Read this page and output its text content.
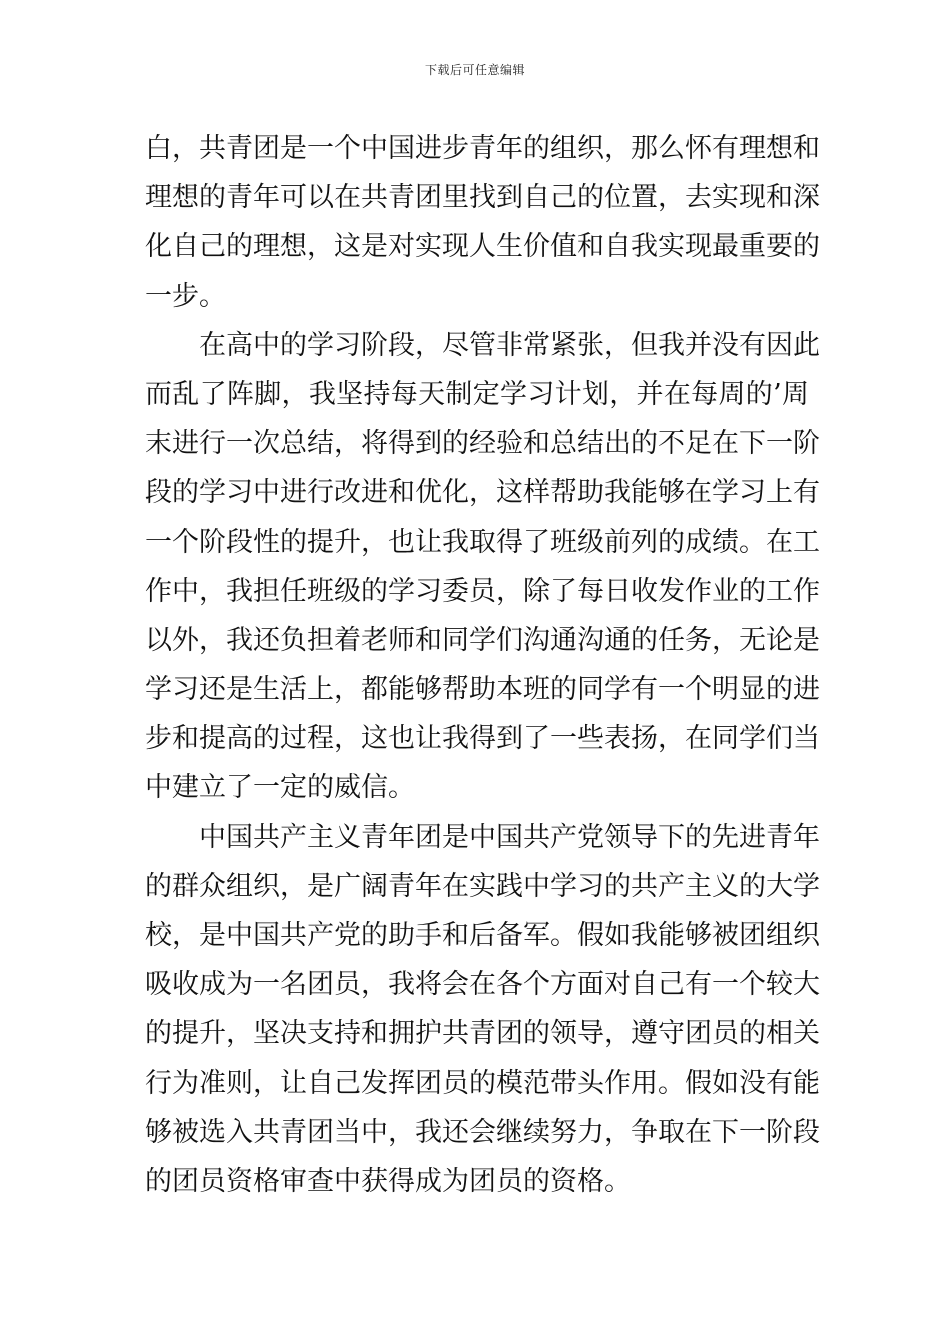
下载后可任意编辑
白，共青团是一个中国进步青年的组织，那么怀有理想和
理想的青年可以在共青团里找到自己的位置，去实现和深
化自己的理想，这是对实现人生价值和自我实现最重要的
一步。
在高中的学习阶段，尽管非常紧张，但我并没有因此
而乱了阵脚，我坚持每天制定学习计划，并在每周的’周
末进行一次总结，将得到的经验和总结出的不足在下一阶
段的学习中进行改进和优化，这样帮助我能够在学习上有
一个阶段性的提升，也让我取得了班级前列的成绩。在工
作中，我担任班级的学习委员，除了每日收发作业的工作
以外，我还负担着老师和同学们沟通沟通的任务，无论是
学习还是生活上，都能够帮助本班的同学有一个明显的进
步和提高的过程，这也让我得到了一些表扬，在同学们当
中建立了一定的威信。
中国共产主义青年团是中国共产党领导下的先进青年
的群众组织，是广阔青年在实践中学习的共产主义的大学
校，是中国共产党的助手和后备军。假如我能够被团组织
吸收成为一名团员，我将会在各个方面对自己有一个较大
的提升，坚决支持和拥护共青团的领导，遵守团员的相关
行为准则，让自己发挥团员的模范带头作用。假如没有能
够被选入共青团当中，我还会继续努力，争取在下一阶段
的团员资格审查中获得成为团员的资格。
